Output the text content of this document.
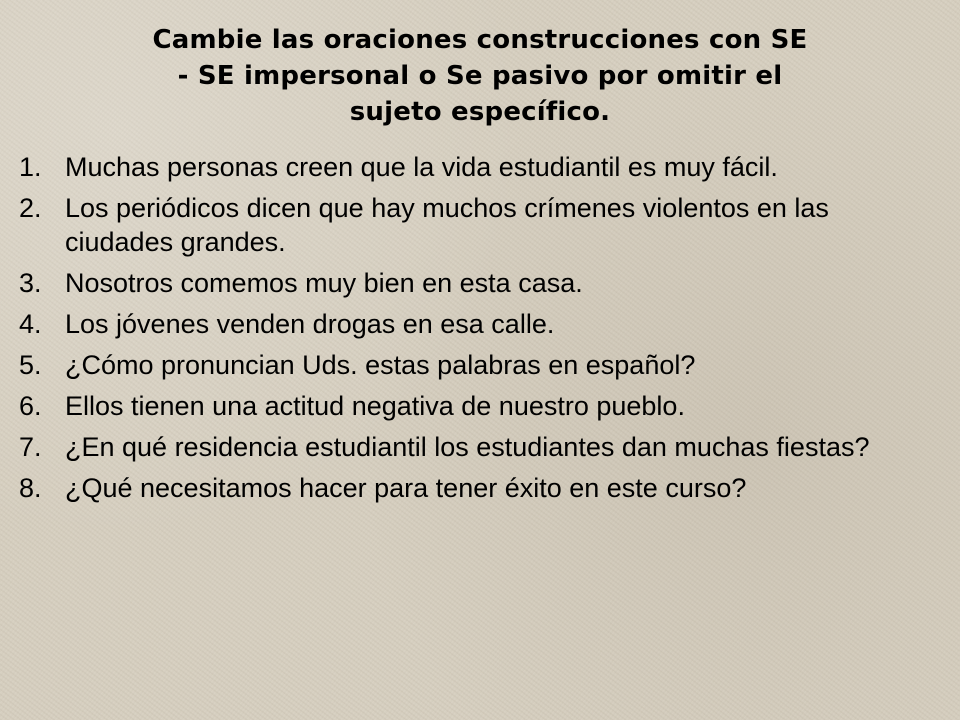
Cambie las oraciones construcciones con SE
- SE impersonal o Se pasivo por omitir el
sujeto específico.
1. Muchas personas creen que la vida estudiantil es muy fácil.
2. Los periódicos dicen que hay muchos crímenes violentos en las ciudades grandes.
3. Nosotros comemos muy bien en esta casa.
4. Los jóvenes venden drogas en esa calle.
5. ¿Cómo pronuncian Uds. estas palabras en español?
6. Ellos tienen una actitud negativa de nuestro pueblo.
7. ¿En qué residencia estudiantil los estudiantes dan muchas fiestas?
8. ¿Qué necesitamos hacer para tener éxito en este curso?
